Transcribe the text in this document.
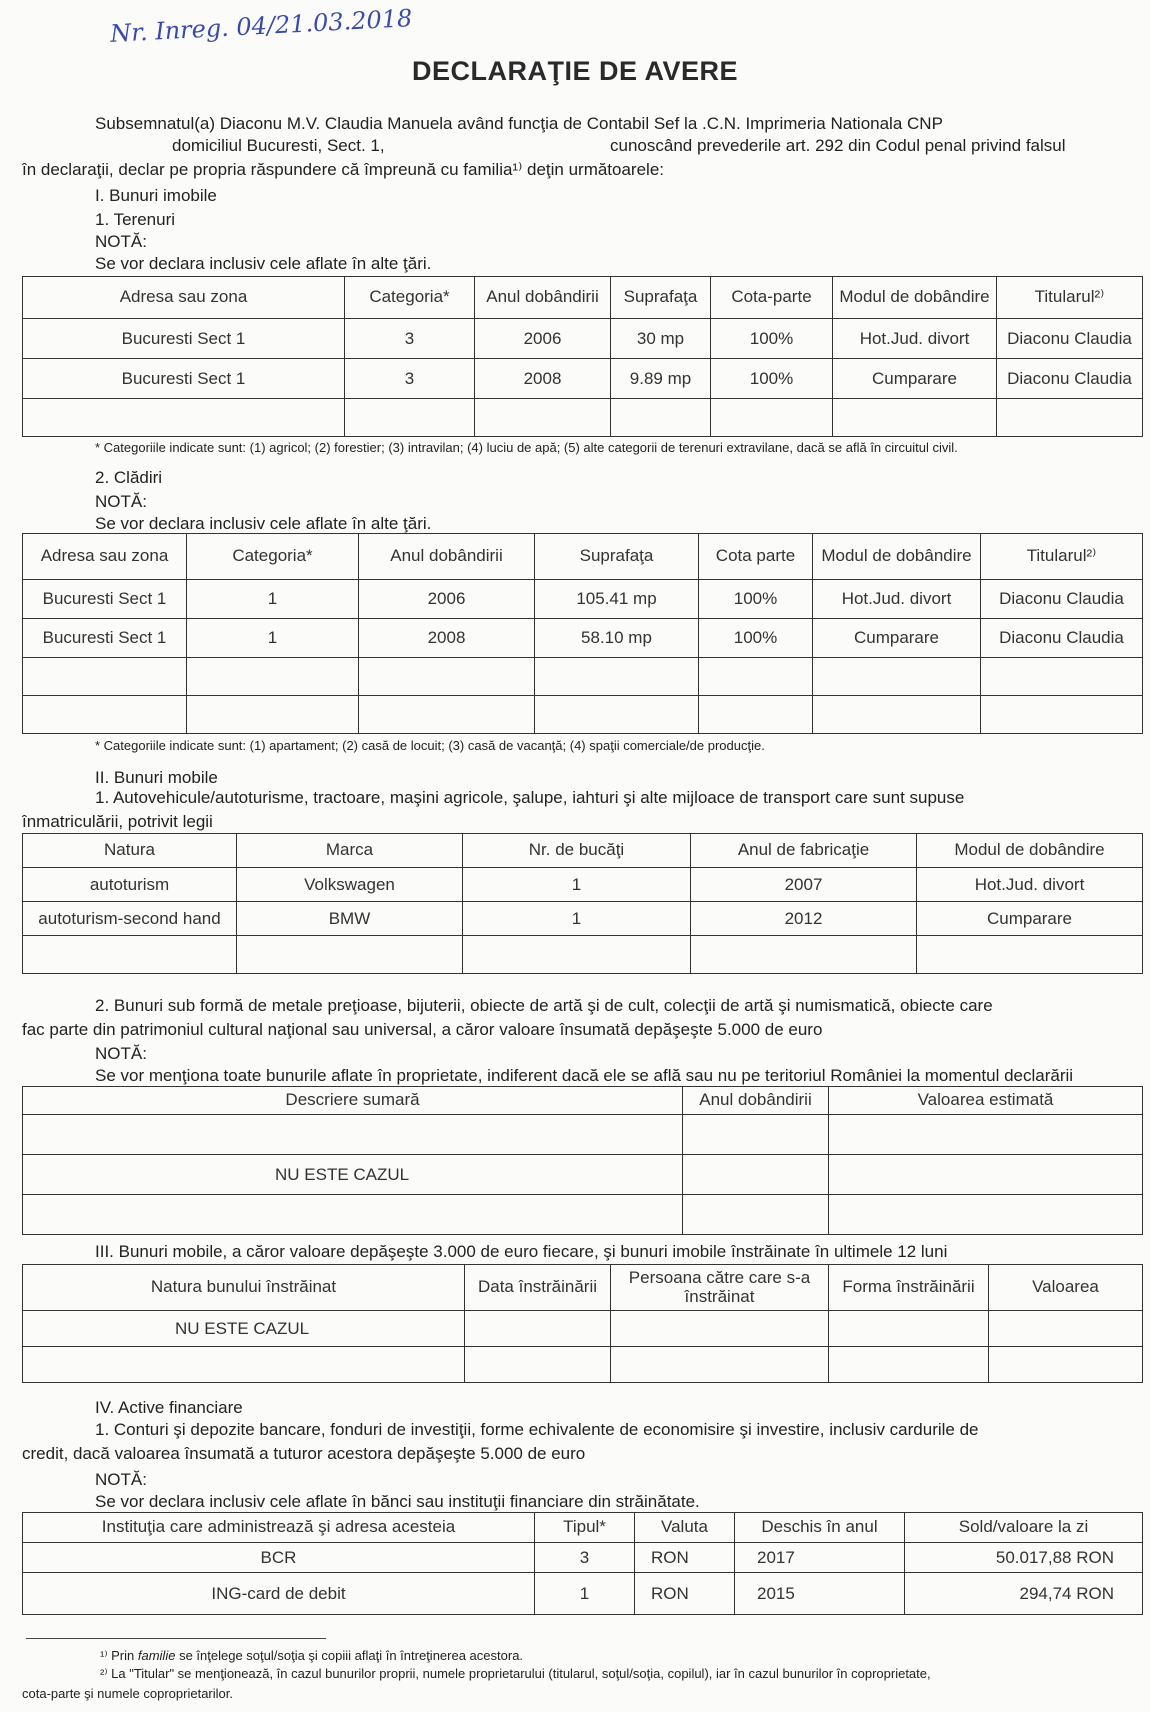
Nr. Inreg. 04/21.03.2018
DECLARAŢIE DE AVERE
Subsemnatul(a) Diaconu M.V. Claudia Manuela având funcţia de Contabil Sef la .C.N. Imprimeria Nationala CNP
domiciliul Bucuresti, Sect. 1,	cunoscând prevederile art. 292 din Codul penal privind falsul
în declaraţii, declar pe propria răspundere că împreună cu familia¹⁾ deţin următoarele:
I. Bunuri imobile
1. Terenuri
NOTĂ:
Se vor declara inclusiv cele aflate în alte ţări.
Adresa sau zona	Categoria*	Anul dobândirii	Suprafaţa	Cota-parte	Modul de dobândire	Titularul²⁾
Bucuresti Sect 1	3	2006	30 mp	100%	Hot.Jud. divort	Diaconu Claudia
Bucuresti Sect 1	3	2008	9.89 mp	100%	Cumparare	Diaconu Claudia

* Categoriile indicate sunt: (1) agricol; (2) forestier; (3) intravilan; (4) luciu de apă; (5) alte categorii de terenuri extravilane, dacă se află în circuitul civil.
2. Clădiri
NOTĂ:
Se vor declara inclusiv cele aflate în alte ţări.
Adresa sau zona	Categoria*	Anul dobândirii	Suprafaţa	Cota parte	Modul de dobândire	Titularul²⁾
Bucuresti Sect 1	1	2006	105.41 mp	100%	Hot.Jud. divort	Diaconu Claudia
Bucuresti Sect 1	1	2008	58.10 mp	100%	Cumparare	Diaconu Claudia

* Categoriile indicate sunt: (1) apartament; (2) casă de locuit; (3) casă de vacanţă; (4) spaţii comerciale/de producţie.
II. Bunuri mobile
1. Autovehicule/autoturisme, tractoare, maşini agricole, şalupe, iahturi şi alte mijloace de transport care sunt supuse
înmatriculării, potrivit legii
Natura	Marca	Nr. de bucăţi	Anul de fabricaţie	Modul de dobândire
autoturism	Volkswagen	1	2007	Hot.Jud. divort
autoturism-second hand	BMW	1	2012	Cumparare

2. Bunuri sub formă de metale preţioase, bijuterii, obiecte de artă şi de cult, colecţii de artă şi numismatică, obiecte care
fac parte din patrimoniul cultural naţional sau universal, a căror valoare însumată depăşeşte 5.000 de euro
NOTĂ:
Se vor menţiona toate bunurile aflate în proprietate, indiferent dacă ele se află sau nu pe teritoriul României la momentul declarării
Descriere sumară	Anul dobândirii	Valoarea estimată

NU ESTE CAZUL		

III. Bunuri mobile, a căror valoare depăşeşte 3.000 de euro fiecare, şi bunuri imobile înstrăinate în ultimele 12 luni
Natura bunului înstrăinat	Data înstrăinării	Persoana către care s-a înstrăinat	Forma înstrăinării	Valoarea
NU ESTE CAZUL				

IV. Active financiare
1. Conturi şi depozite bancare, fonduri de investiţii, forme echivalente de economisire şi investire, inclusiv cardurile de
credit, dacă valoarea însumată a tuturor acestora depăşeşte 5.000 de euro
NOTĂ:
Se vor declara inclusiv cele aflate în bănci sau instituţii financiare din străinătate.
Instituţia care administrează şi adresa acesteia	Tipul*	Valuta	Deschis în anul	Sold/valoare la zi
BCR	3	RON	2017	50.017,88 RON
ING-card de debit	1	RON	2015	294,74 RON
¹⁾ Prin familie se înţelege soţul/soţia şi copiii aflaţi în întreţinerea acestora.
²⁾ La "Titular" se menţionează, în cazul bunurilor proprii, numele proprietarului (titularul, soţul/soţia, copilul), iar în cazul bunurilor în coproprietate,
cota-parte şi numele coproprietarilor.
